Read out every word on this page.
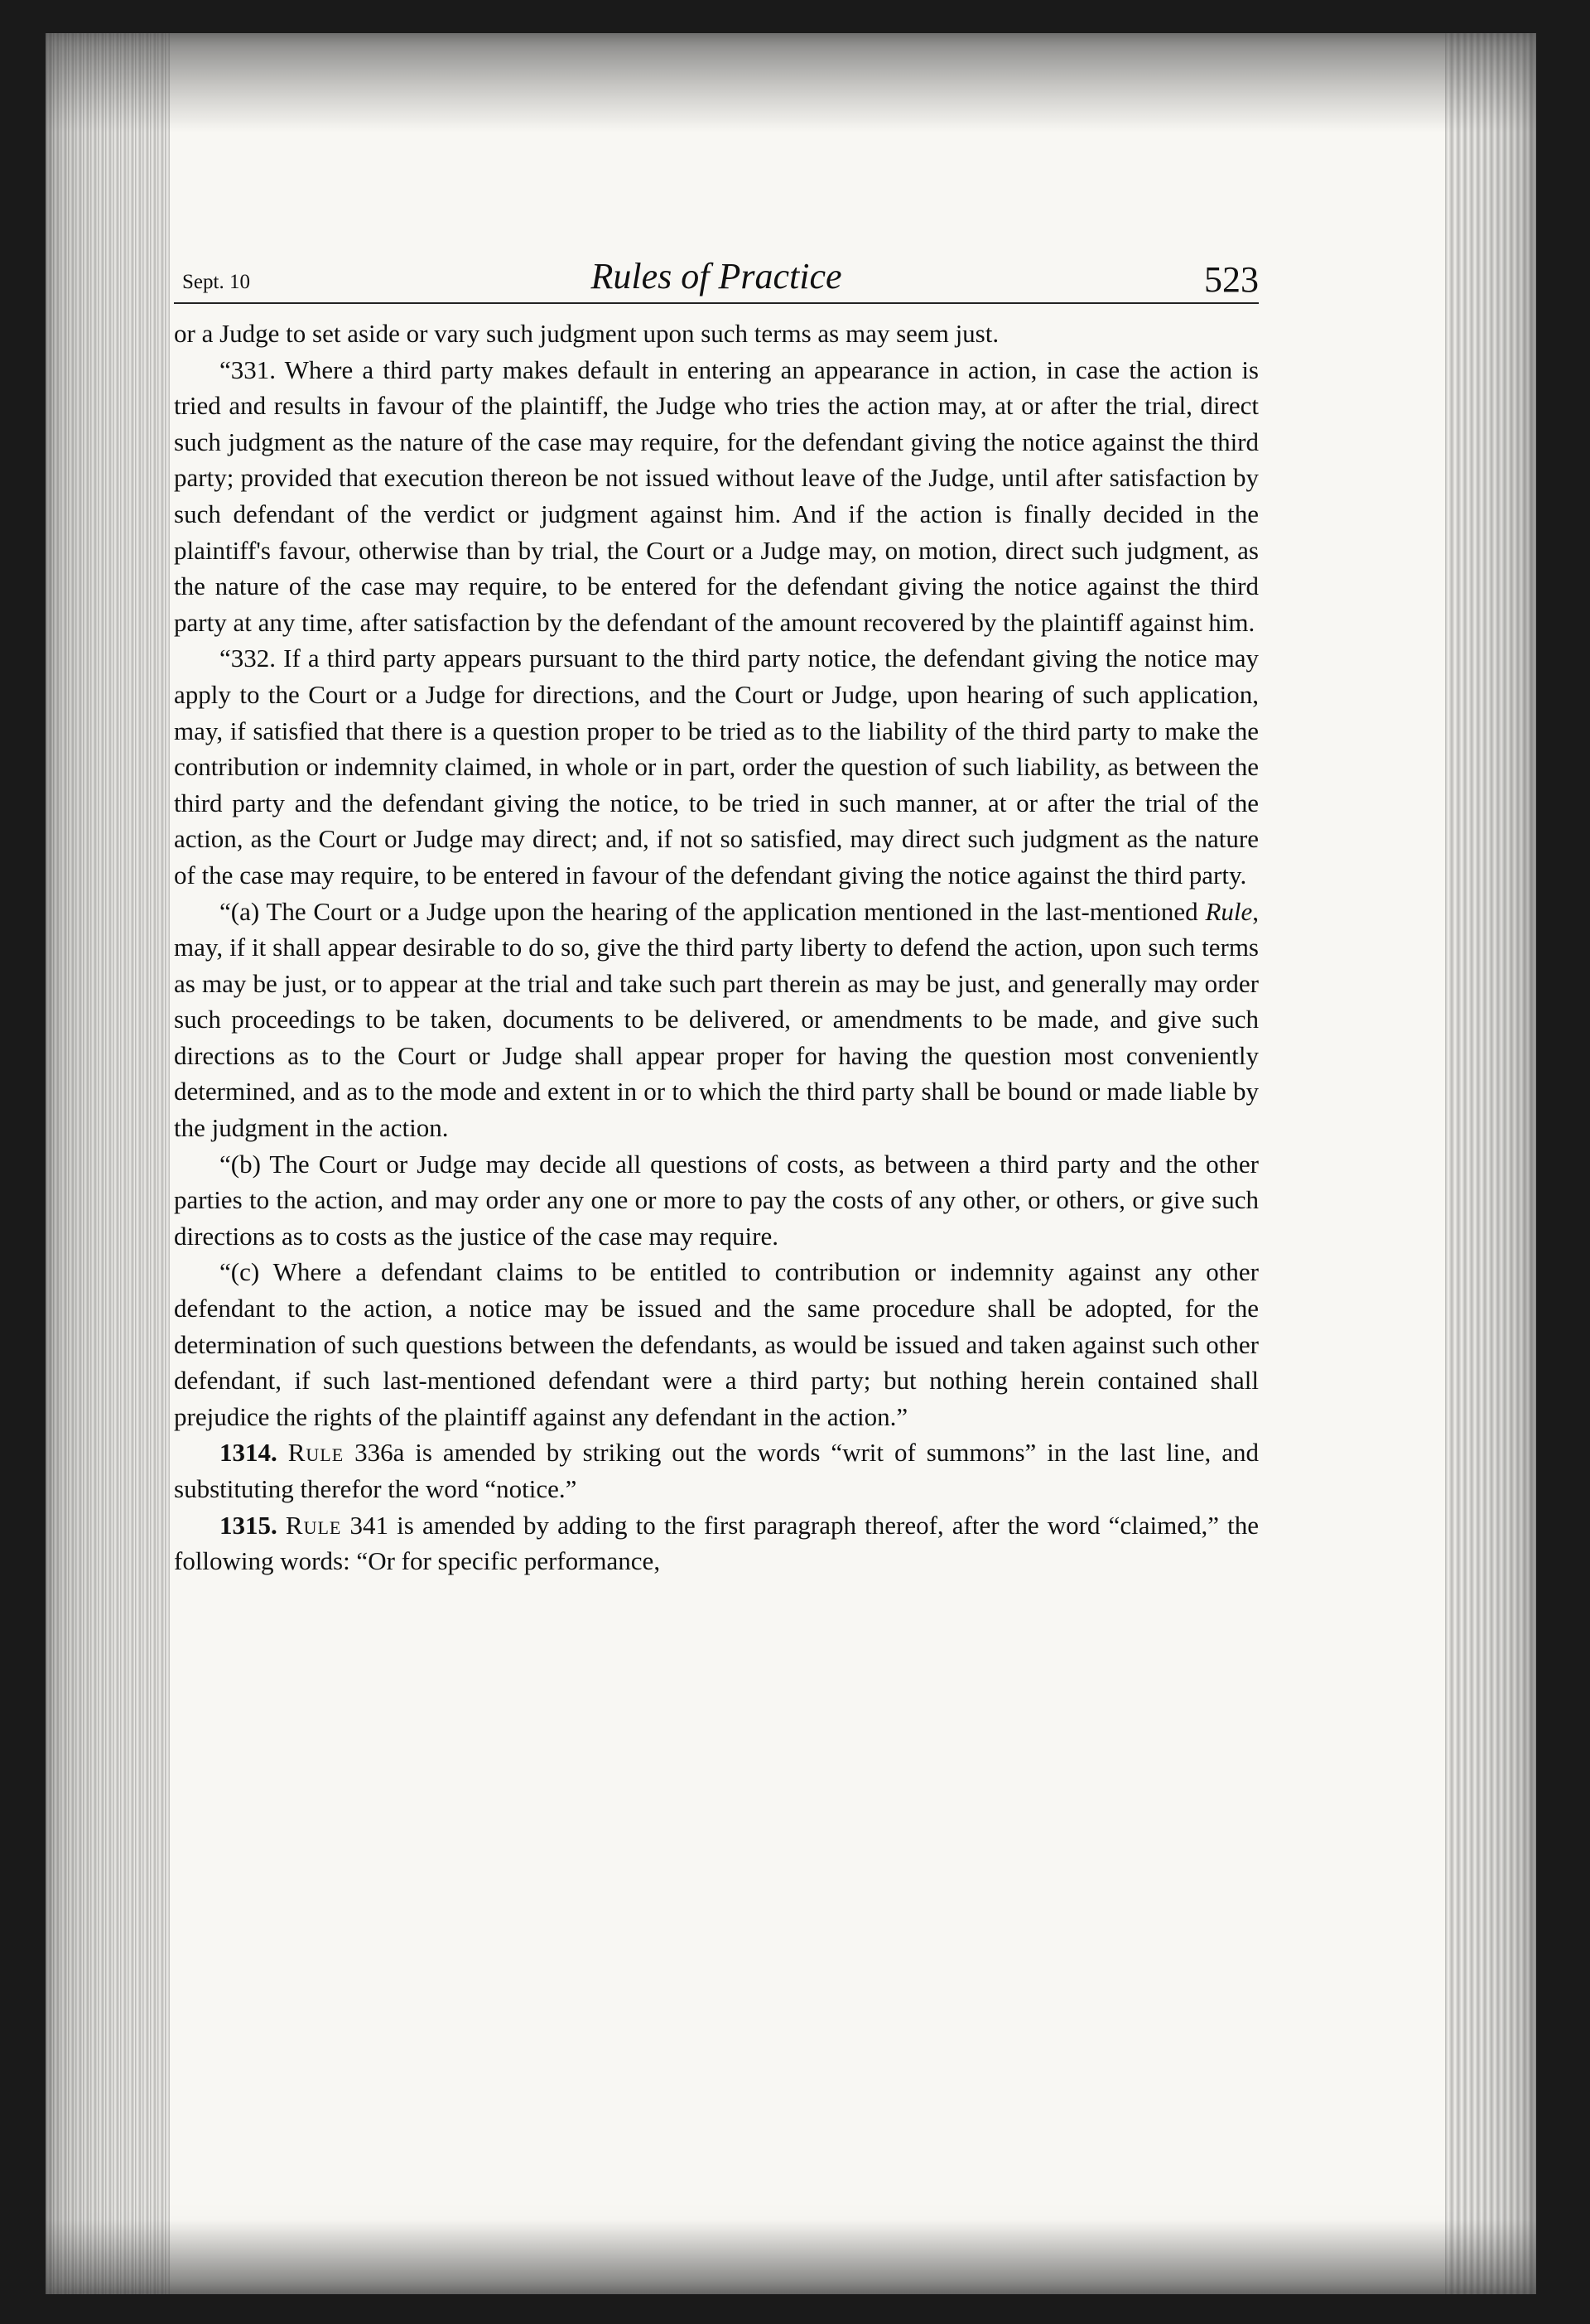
Sept. 10	Rules of Practice	523

or a Judge to set aside or vary such judgment upon such terms as may seem just.

“331. Where a third party makes default in entering an appearance in action, in case the action is tried and results in favour of the plaintiff, the Judge who tries the action may, at or after the trial, direct such judgment as the nature of the case may require, for the defendant giving the notice against the third party; provided that execution thereon be not issued without leave of the Judge, until after satisfaction by such defendant of the verdict or judgment against him. And if the action is finally decided in the plaintiff's favour, otherwise than by trial, the Court or a Judge may, on motion, direct such judgment, as the nature of the case may require, to be entered for the defendant giving the notice against the third party at any time, after satisfaction by the defendant of the amount recovered by the plaintiff against him.

“332. If a third party appears pursuant to the third party notice, the defendant giving the notice may apply to the Court or a Judge for directions, and the Court or Judge, upon hearing of such application, may, if satisfied that there is a question proper to be tried as to the liability of the third party to make the contribution or indemnity claimed, in whole or in part, order the question of such liability, as between the third party and the defendant giving the notice, to be tried in such manner, at or after the trial of the action, as the Court or Judge may direct; and, if not so satisfied, may direct such judgment as the nature of the case may require, to be entered in favour of the defendant giving the notice against the third party.

“(a) The Court or a Judge upon the hearing of the application mentioned in the last-mentioned Rule, may, if it shall appear desirable to do so, give the third party liberty to defend the action, upon such terms as may be just, or to appear at the trial and take such part therein as may be just, and generally may order such proceedings to be taken, documents to be delivered, or amendments to be made, and give such directions as to the Court or Judge shall appear proper for having the question most conveniently determined, and as to the mode and extent in or to which the third party shall be bound or made liable by the judgment in the action.

“(b) The Court or Judge may decide all questions of costs, as between a third party and the other parties to the action, and may order any one or more to pay the costs of any other, or others, or give such directions as to costs as the justice of the case may require.

“(c) Where a defendant claims to be entitled to contribution or indemnity against any other defendant to the action, a notice may be issued and the same procedure shall be adopted, for the determination of such questions between the defendants, as would be issued and taken against such other defendant, if such last-mentioned defendant were a third party; but nothing herein contained shall prejudice the rights of the plaintiff against any defendant in the action.”

1314. Rule 336a is amended by striking out the words “writ of summons” in the last line, and substituting therefor the word “notice.”

1315. Rule 341 is amended by adding to the first paragraph thereof, after the word “claimed,” the following words: “Or for specific performance,
